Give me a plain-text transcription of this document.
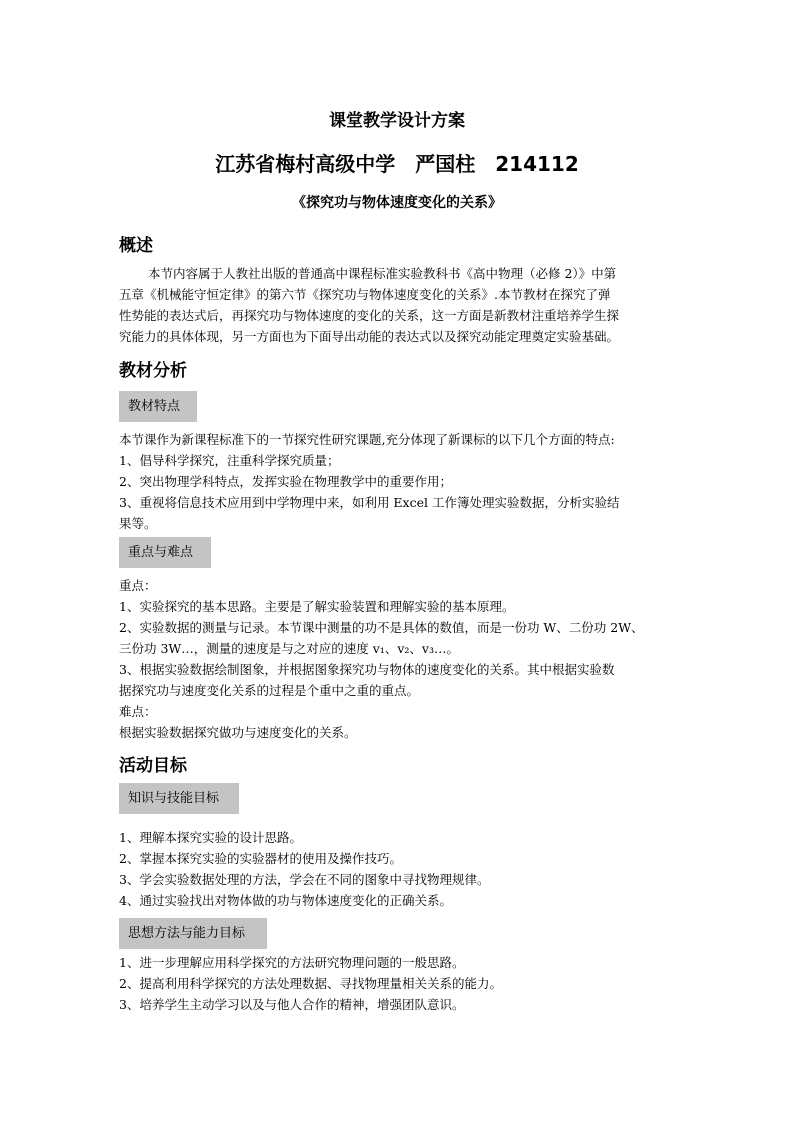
课堂教学设计方案
江苏省梅村高级中学　严国柱　214112
《探究功与物体速度变化的关系》
概述
本节内容属于人教社出版的普通高中课程标准实验教科书《高中物理（必修 2）》中第
五章《机械能守恒定律》的第六节《探究功与物体速度变化的关系》.本节教材在探究了弹
性势能的表达式后，再探究功与物体速度的变化的关系，这一方面是新教材注重培养学生探
究能力的具体体现，另一方面也为下面导出动能的表达式以及探究动能定理奠定实验基础。
教材分析
教材特点
本节课作为新课程标准下的一节探究性研究课题,充分体现了新课标的以下几个方面的特点:
1、倡导科学探究，注重科学探究质量；
2、突出物理学科特点，发挥实验在物理教学中的重要作用；
3、重视将信息技术应用到中学物理中来，如利用 Excel 工作簿处理实验数据，分析实验结
果等。
重点与难点
重点：
1、实验探究的基本思路。主要是了解实验装置和理解实验的基本原理。
2、实验数据的测量与记录。本节课中测量的功不是具体的数值，而是一份功 W、二份功 2W、
三份功 3W…，测量的速度是与之对应的速度 v₁、v₂、v₃…。
3、根据实验数据绘制图象，并根据图象探究功与物体的速度变化的关系。其中根据实验数
据探究功与速度变化关系的过程是个重中之重的重点。
难点：
根据实验数据探究做功与速度变化的关系。
活动目标
知识与技能目标
1、理解本探究实验的设计思路。
2、掌握本探究实验的实验器材的使用及操作技巧。
3、学会实验数据处理的方法，学会在不同的图象中寻找物理规律。
4、通过实验找出对物体做的功与物体速度变化的正确关系。
思想方法与能力目标
1、进一步理解应用科学探究的方法研究物理问题的一般思路。
2、提高利用科学探究的方法处理数据、寻找物理量相关关系的能力。
3、培养学生主动学习以及与他人合作的精神，增强团队意识。
